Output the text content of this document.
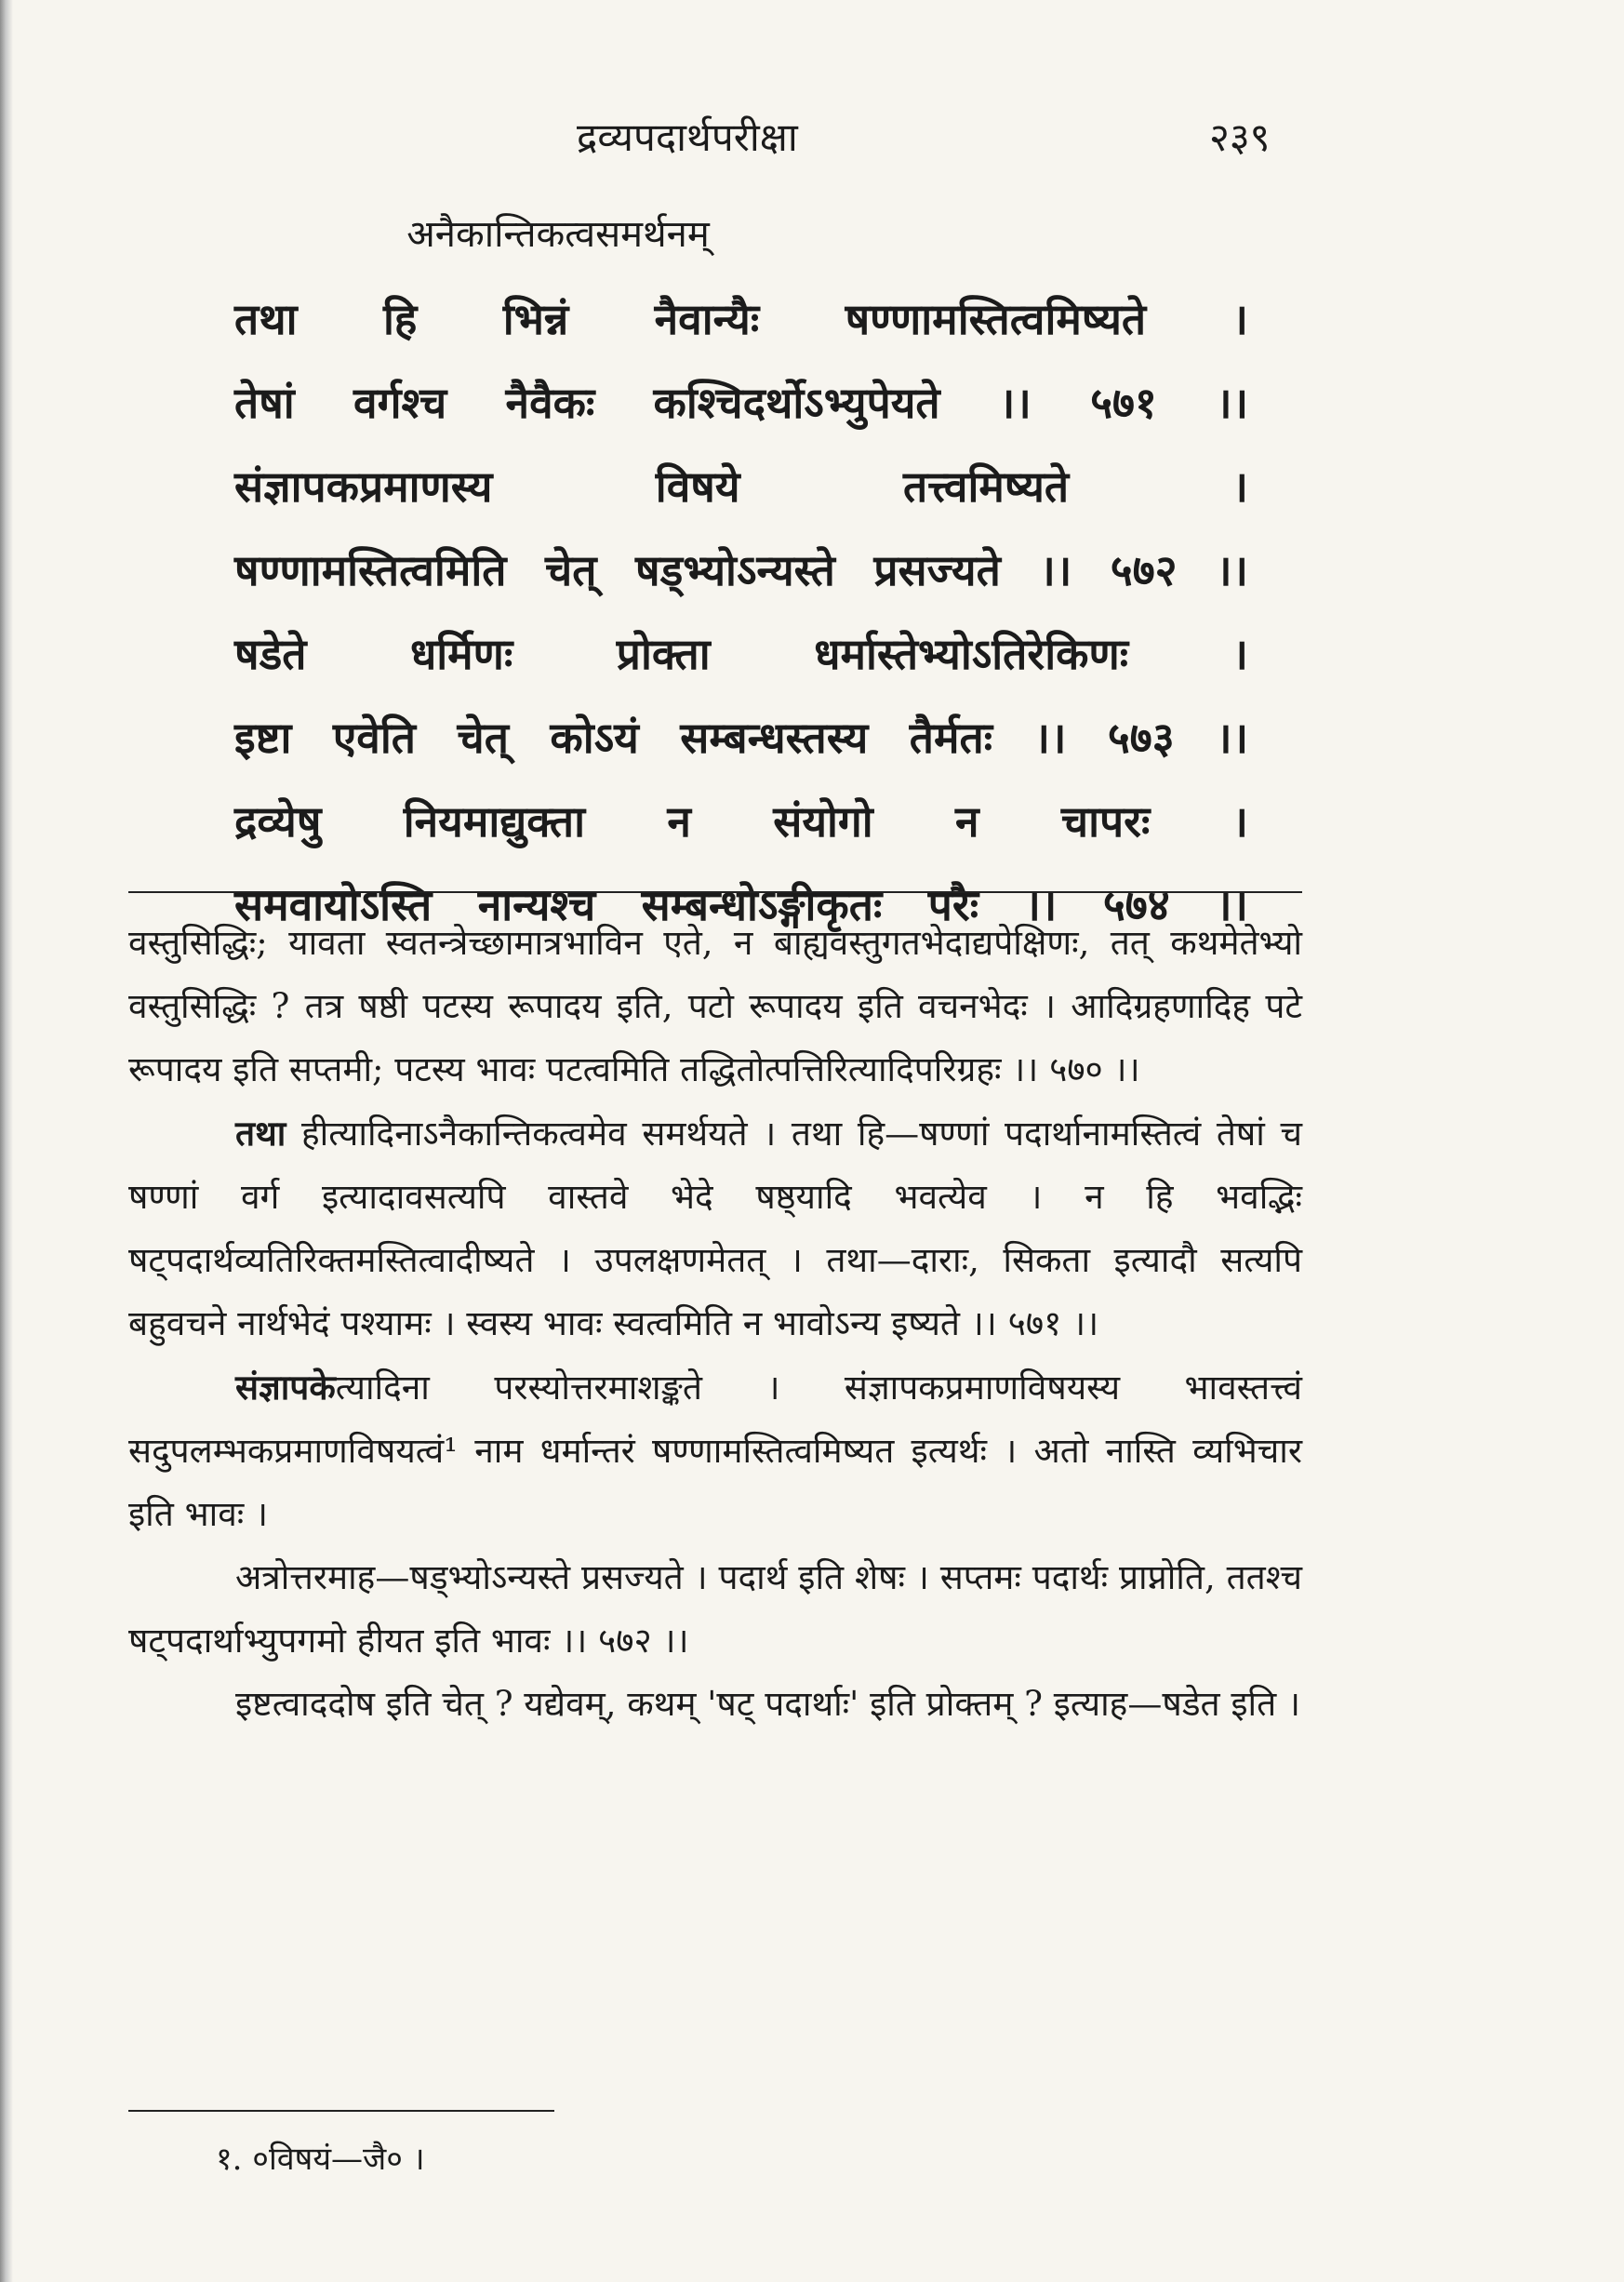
द्रव्यपदार्थपरीक्षा	२३९
अनैकान्तिकत्वसमर्थनम्
तथा हि भिन्नं नैवान्यैः षण्णामस्तित्वमिष्यते ।
तेषां वर्गश्च नैवैकः कश्चिदर्थोऽभ्युपेयते ।। ५७१ ।।
संज्ञापकप्रमाणस्य विषये तत्त्वमिष्यते ।
षण्णामस्तित्वमिति चेत् षड्भ्योऽन्यस्ते प्रसज्यते ।। ५७२ ।।
षडेते धर्मिणः प्रोक्ता धर्मास्तेभ्योऽतिरेकिणः ।
इष्टा एवेति चेत् कोऽयं सम्बन्धस्तस्य तैर्मतः ।। ५७३ ।।
द्रव्येषु नियमाद्युक्ता न संयोगो न चापरः ।
समवायोऽस्ति नान्यश्च सम्बन्धोऽङ्गीकृतः परैः ।। ५७४ ।।

वस्तुसिद्धिः; यावता स्वतन्त्रेच्छामात्रभाविन एते, न बाह्यवस्तुगतभेदाद्यपेक्षिणः, तत् कथमेतेभ्यो वस्तुसिद्धिः ? तत्र षष्ठी पटस्य रूपादय इति, पटो रूपादय इति वचनभेदः । आदिग्रहणादिह पटे रूपादय इति सप्तमी; पटस्य भावः पटत्वमिति तद्धितोत्पत्तिरित्यादिपरिग्रहः ।। ५७० ।।

तथा हीत्यादिनाऽनैकान्तिकत्वमेव समर्थयते । तथा हि—षण्णां पदार्थानामस्तित्वं तेषां च षण्णां वर्ग इत्यादावसत्यपि वास्तवे भेदे षष्ठ्यादि भवत्येव । न हि भवद्भिः षट्पदार्थव्यतिरिक्तमस्तित्वादीष्यते । उपलक्षणमेतत् । तथा—दाराः, सिकता इत्यादौ सत्यपि बहुवचने नार्थभेदं पश्यामः । स्वस्य भावः स्वत्वमिति न भावोऽन्य इष्यते ।। ५७१ ।।

संज्ञापकेत्यादिना परस्योत्तरमाशङ्कते । संज्ञापकप्रमाणविषयस्य भावस्तत्त्वं सदुपलम्भकप्रमाणविषयत्वं¹ नाम धर्मान्तरं षण्णामस्तित्वमिष्यत इत्यर्थः । अतो नास्ति व्यभिचार इति भावः ।

अत्रोत्तरमाह—षड्भ्योऽन्यस्ते प्रसज्यते । पदार्थ इति शेषः । सप्तमः पदार्थः प्राप्नोति, ततश्च षट्पदार्थाभ्युपगमो हीयत इति भावः ।। ५७२ ।।

इष्टत्वाददोष इति चेत् ? यद्येवम्, कथम् 'षट् पदार्थाः' इति प्रोक्तम् ? इत्याह—षडेत इति ।

१. ०विषयं—जै० ।
